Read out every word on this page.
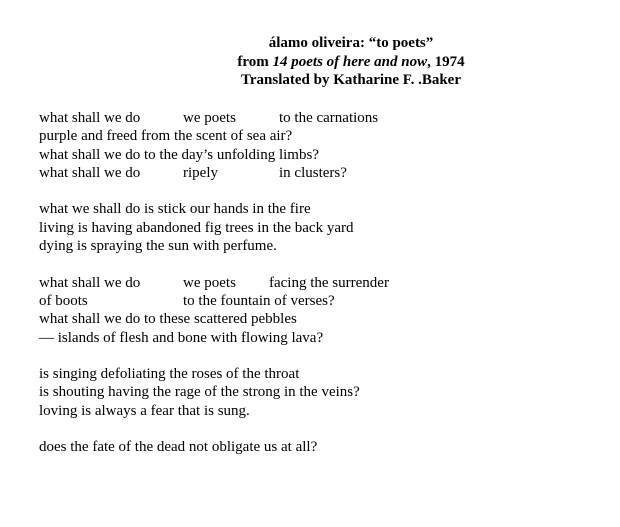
álamo oliveira: “to poets”
from 14 poets of here and now, 1974
Translated by Katharine F. .Baker

what shall we do

	we poets

	to the carnations

purple and freed from the scent of sea air?

what shall we do to the day’s unfolding limbs?

what shall we do

	ripely

	in clusters?

what we shall do is stick our hands in the fire

living is having abandoned fig trees in the back yard

dying is spraying the sun with perfume.

what shall we do

	we poets

facing the surrender

of boots

	to the fountain of verses?

what shall we do to these scattered pebbles

— islands of flesh and bone with flowing lava?

is singing defoliating the roses of the throat

is shouting having the rage of the strong in the veins?

loving is always a fear that is sung.

does the fate of the dead not obligate us at all?
